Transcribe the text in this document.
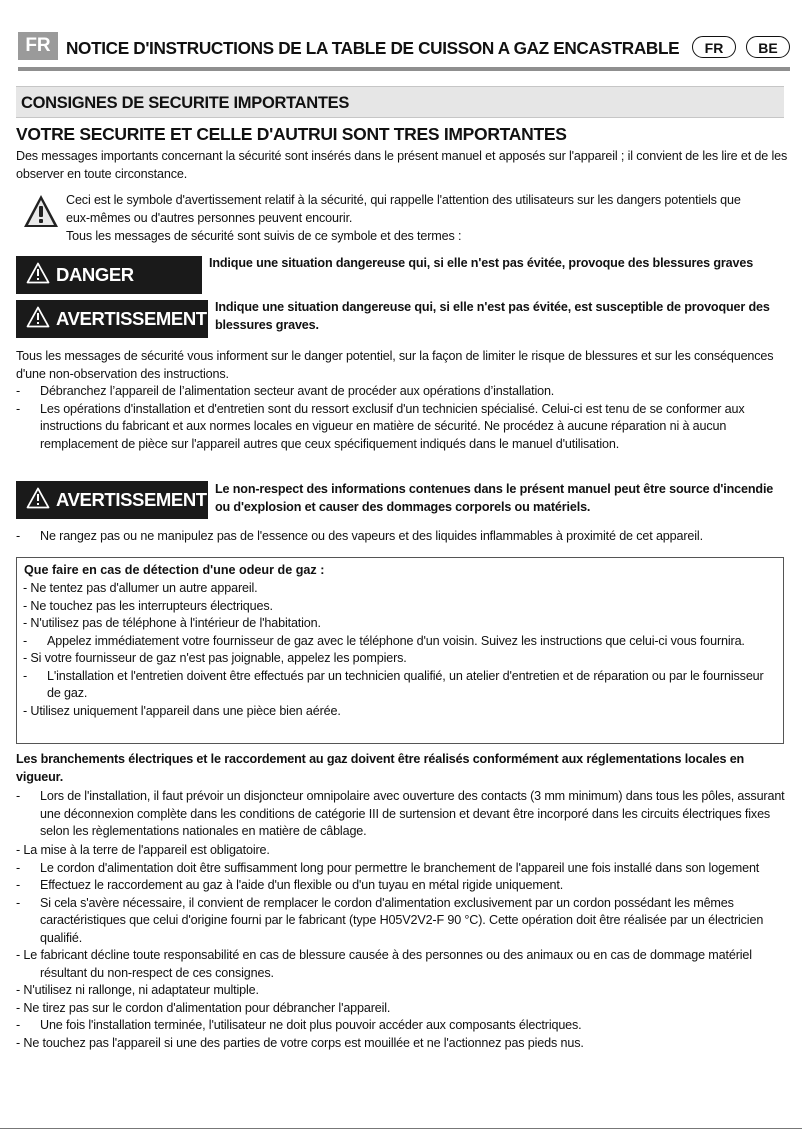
FR NOTICE D'INSTRUCTIONS DE LA TABLE DE CUISSON A GAZ ENCASTRABLE	FR	BE
CONSIGNES DE SECURITE IMPORTANTES
VOTRE SECURITE ET CELLE D'AUTRUI SONT TRES IMPORTANTES
Des messages importants concernant la sécurité sont insérés dans le présent manuel et apposés sur l'appareil ; il convient de les lire et de les observer en toute circonstance.
Ceci est le symbole d'avertissement relatif à la sécurité, qui rappelle l'attention des utilisateurs sur les dangers potentiels que eux-mêmes ou d'autres personnes peuvent encourir.
Tous les messages de sécurité sont suivis de ce symbole et des termes :
DANGER
Indique une situation dangereuse qui, si elle n'est pas évitée, provoque des blessures graves
AVERTISSEMENT
Indique une situation dangereuse qui, si elle n'est pas évitée, est susceptible de provoquer des blessures graves.
Tous les messages de sécurité vous informent sur le danger potentiel, sur la façon de limiter le risque de blessures et sur les conséquences d'une non-observation des instructions.
- Débranchez l’appareil de l’alimentation secteur avant de procéder aux opérations d’installation.
- Les opérations d'installation et d'entretien sont du ressort exclusif d'un technicien spécialisé. Celui-ci est tenu de se conformer aux instructions du fabricant et aux normes locales en vigueur en matière de sécurité. Ne procédez à aucune réparation ni à aucun remplacement de pièce sur l'appareil autres que ceux spécifiquement indiqués dans le manuel d'utilisation.
AVERTISSEMENT Le non-respect des informations contenues dans le présent manuel peut être source d'incendie ou d'explosion et causer des dommages corporels ou matériels.
- Ne rangez pas ou ne manipulez pas de l'essence ou des vapeurs et des liquides inflammables à proximité de cet appareil.
Que faire en cas de détection d'une odeur de gaz :
- Ne tentez pas d'allumer un autre appareil.
- Ne touchez pas les interrupteurs électriques.
- N'utilisez pas de téléphone à l'intérieur de l'habitation.
- Appelez immédiatement votre fournisseur de gaz avec le téléphone d'un voisin. Suivez les instructions que celui-ci vous fournira.
- Si votre fournisseur de gaz n'est pas joignable, appelez les pompiers.
- L'installation et l'entretien doivent être effectués par un technicien qualifié, un atelier d'entretien et de réparation ou par le fournisseur de gaz.
- Utilisez uniquement l'appareil dans une pièce bien aérée.
Les branchements électriques et le raccordement au gaz doivent être réalisés conformément aux réglementations locales en vigueur.
- Lors de l'installation, il faut prévoir un disjoncteur omnipolaire avec ouverture des contacts (3 mm minimum) dans tous les pôles, assurant une déconnexion complète dans les conditions de catégorie III de surtension et devant être incorporé dans les circuits électriques fixes selon les règlementations nationales en matière de câblage.
- La mise à la terre de l'appareil est obligatoire.
- Le cordon d'alimentation doit être suffisamment long pour permettre le branchement de l'appareil une fois installé dans son logement
- Effectuez le raccordement au gaz à l'aide d'un flexible ou d'un tuyau en métal rigide uniquement.
- Si cela s'avère nécessaire, il convient de remplacer le cordon d'alimentation exclusivement par un cordon possédant les mêmes caractéristiques que celui d'origine fourni par le fabricant (type H05V2V2-F 90 °C). Cette opération doit être réalisée par un électricien qualifié.
- Le fabricant décline toute responsabilité en cas de blessure causée à des personnes ou des animaux ou en cas de dommage matériel résultant du non-respect de ces consignes.
- N'utilisez ni rallonge, ni adaptateur multiple.
- Ne tirez pas sur le cordon d'alimentation pour débrancher l'appareil.
- Une fois l'installation terminée, l'utilisateur ne doit plus pouvoir accéder aux composants électriques.
- Ne touchez pas l'appareil si une des parties de votre corps est mouillée et ne l'actionnez pas pieds nus.
